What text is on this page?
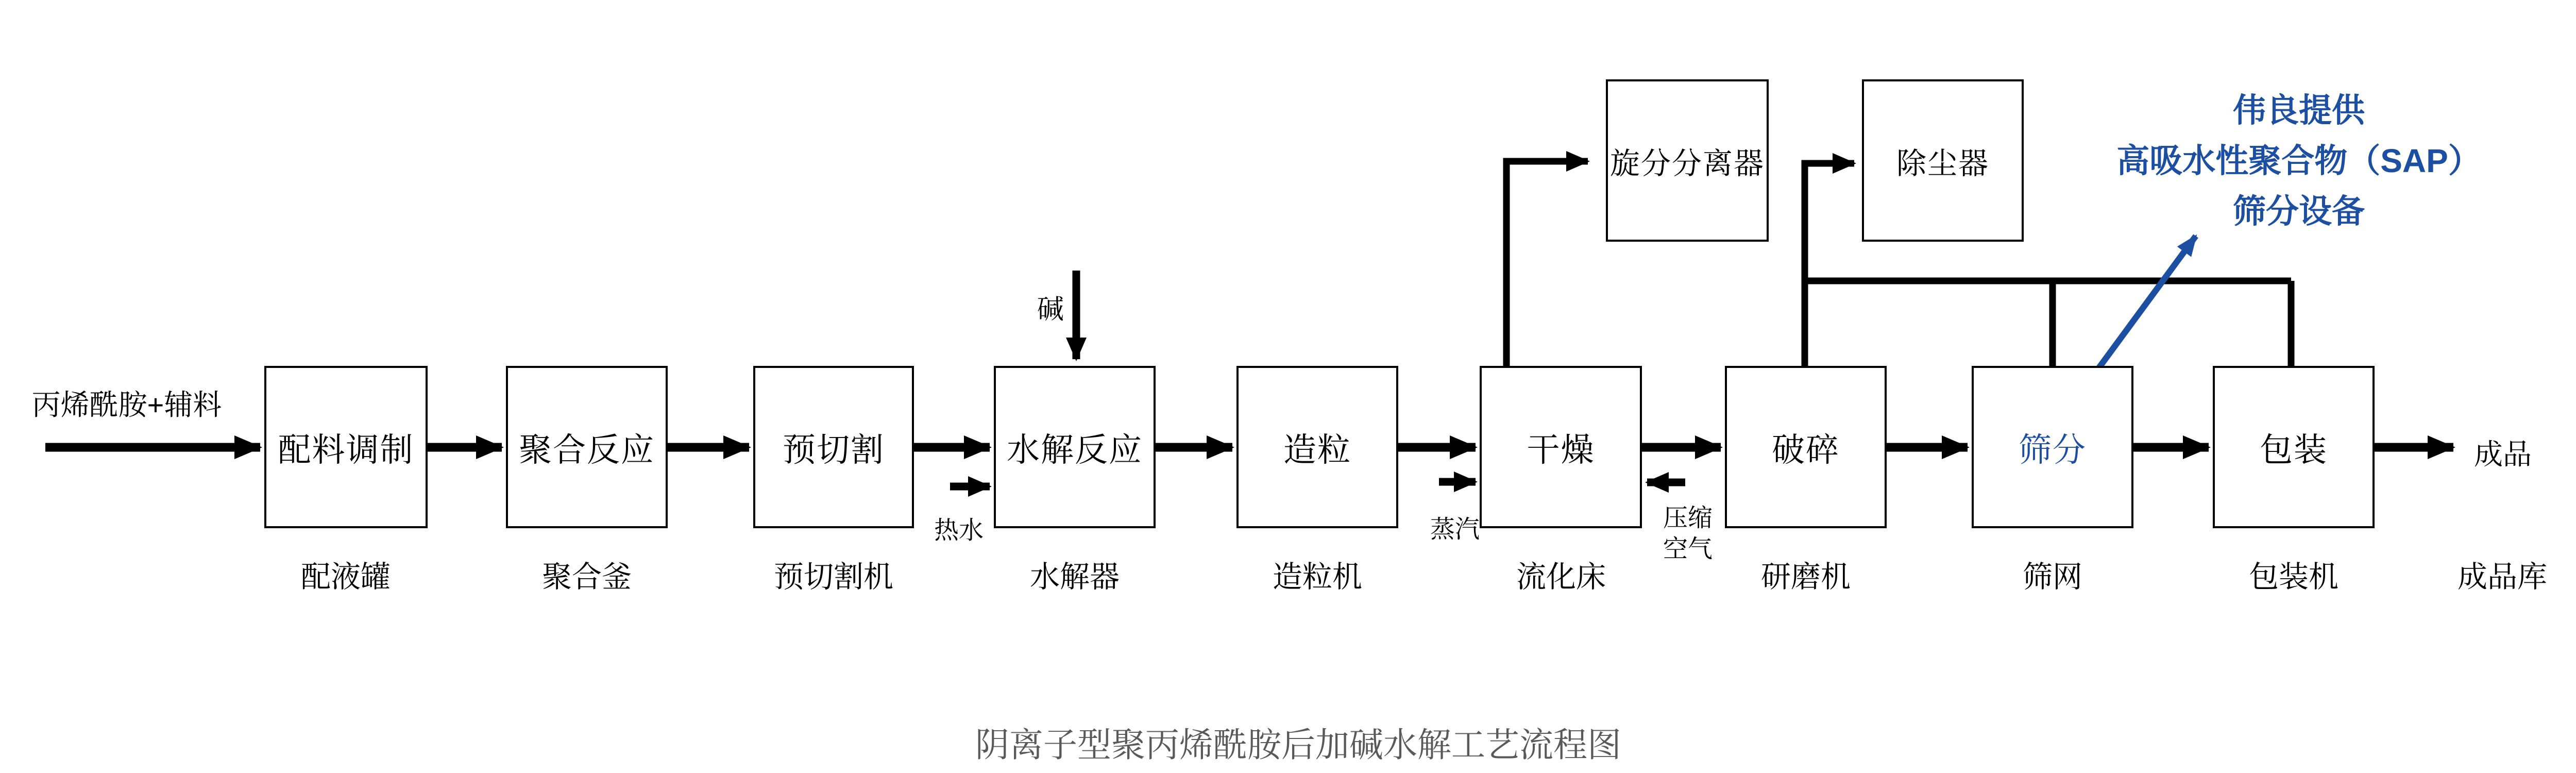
配料调制	聚合反应	预切割	水解反应	造粒	干燥	破碎	筛分	包装
旋分分离器	除尘器
配液罐	聚合釜	预切割机	水解器	造粒机	流化床	研磨机	筛网	包装机	成品库
丙烯酰胺+辅料
成品
碱
热水	蒸汽	压缩
空气
伟良提供
高吸水性聚合物（SAP）
筛分设备
阴离子型聚丙烯酰胺后加碱水解工艺流程图
